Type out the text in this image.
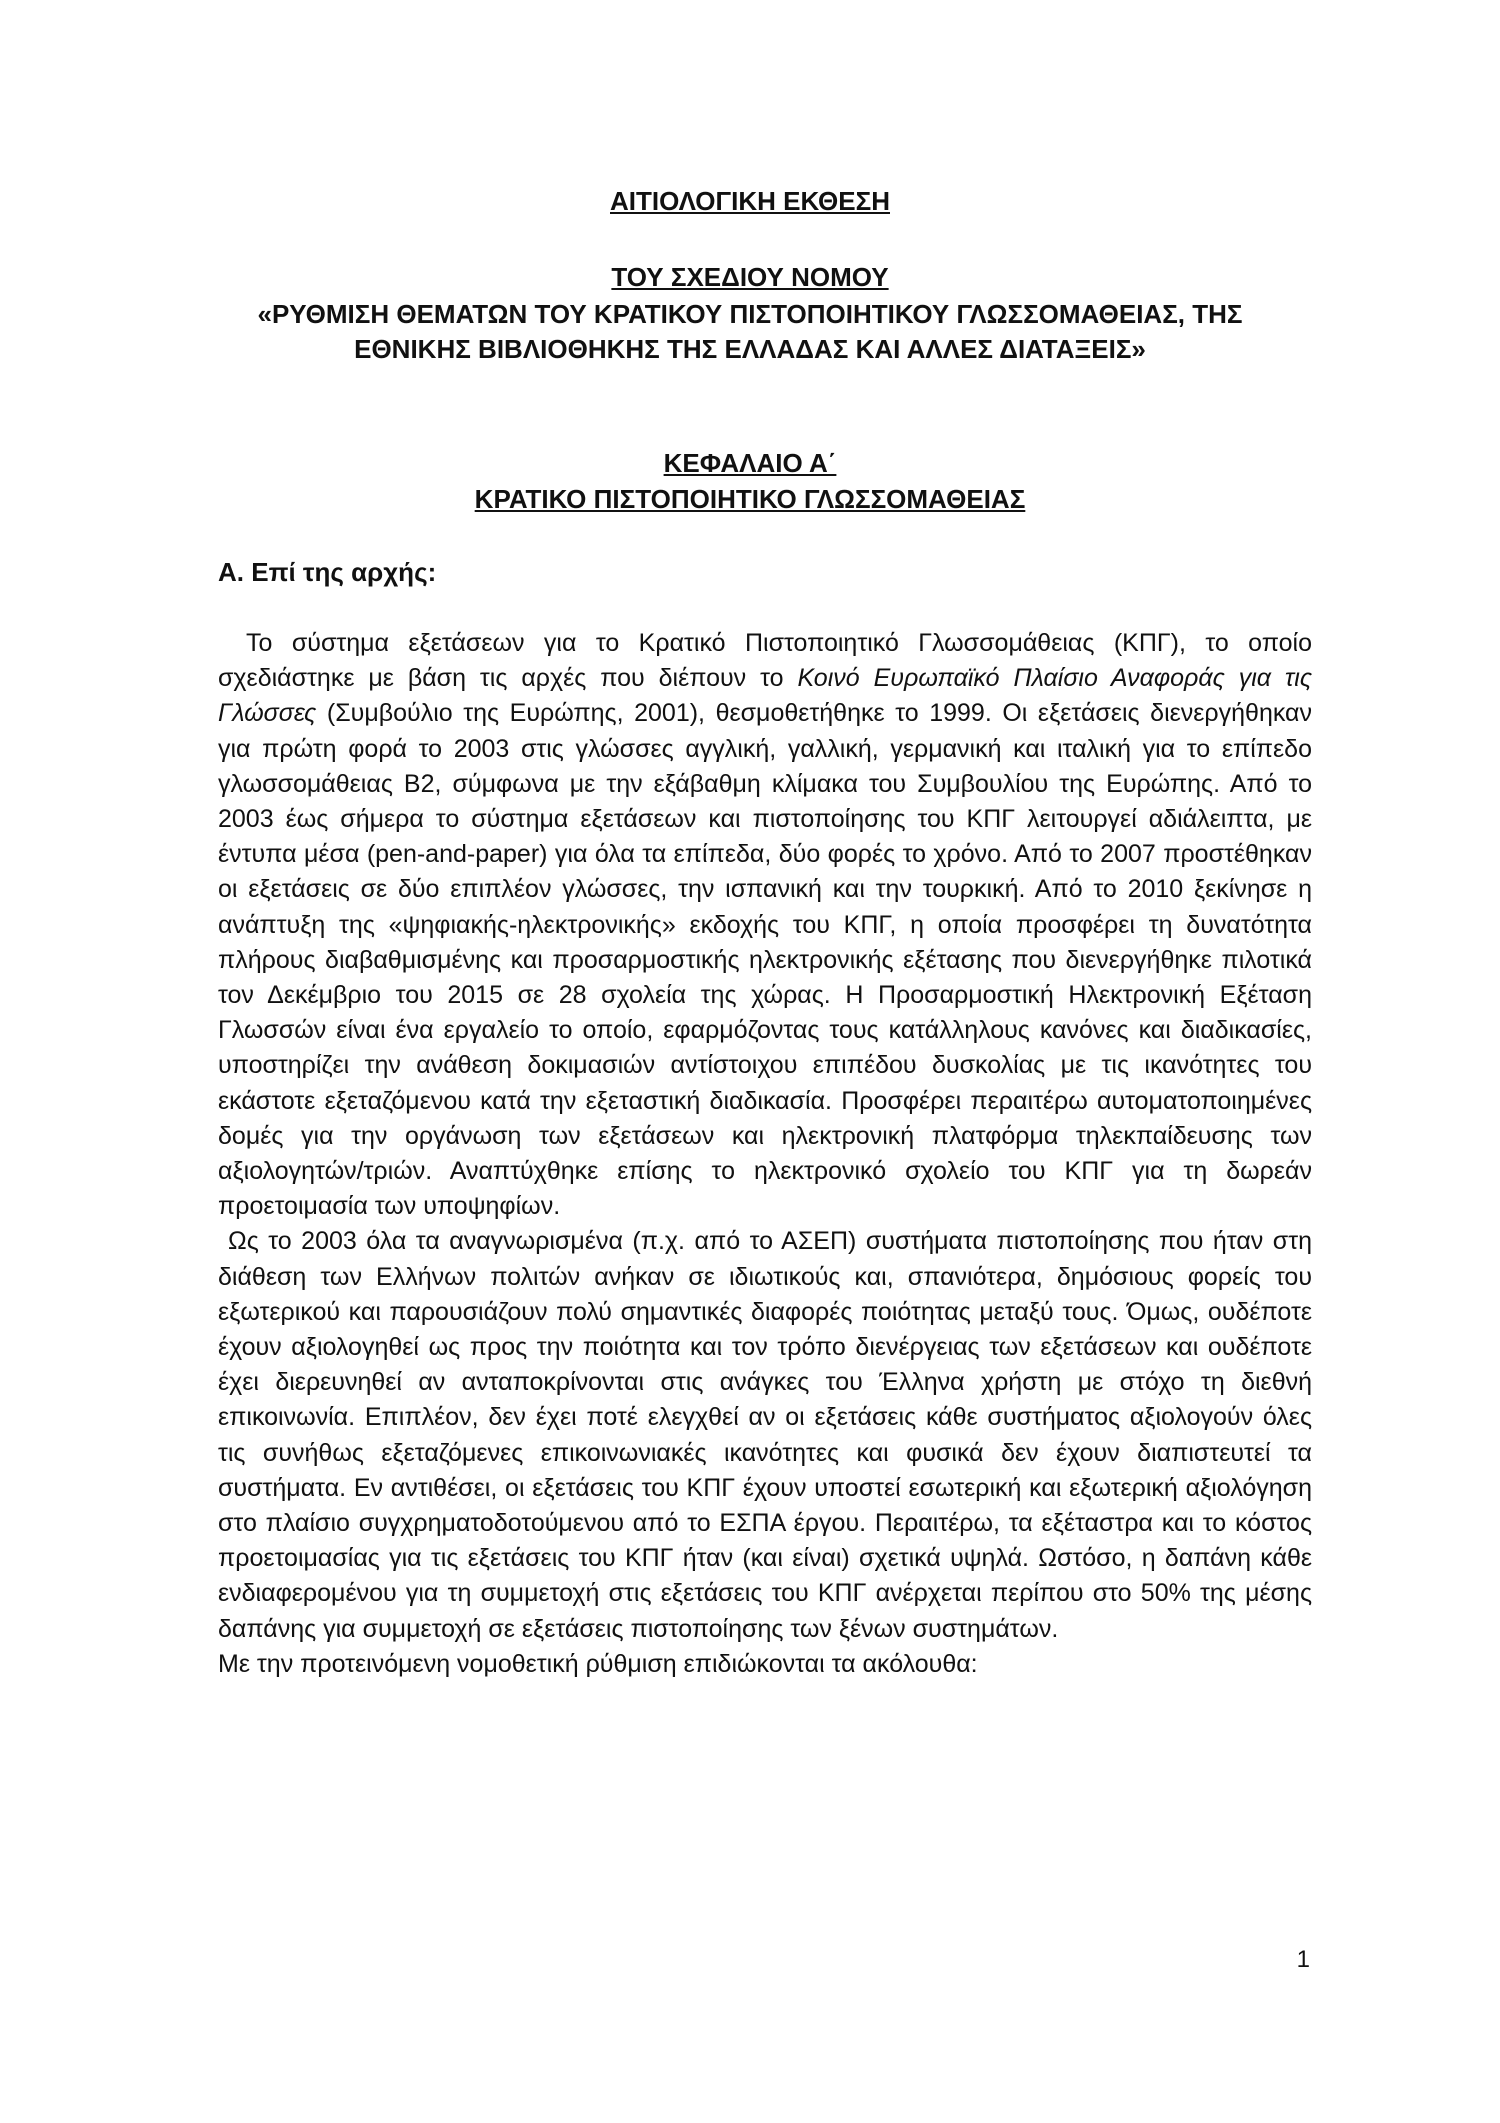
ΑΙΤΙΟΛΟΓΙΚΗ ΕΚΘΕΣΗ
ΤΟΥ ΣΧΕΔΙΟΥ ΝΟΜΟΥ
«ΡΥΘΜΙΣΗ ΘΕΜΑΤΩΝ ΤΟΥ ΚΡΑΤΙΚΟΥ ΠΙΣΤΟΠΟΙΗΤΙΚΟΥ ΓΛΩΣΣΟΜΑΘΕΙΑΣ, ΤΗΣ
ΕΘΝΙΚΗΣ ΒΙΒΛΙΟΘΗΚΗΣ ΤΗΣ ΕΛΛΑΔΑΣ ΚΑΙ ΑΛΛΕΣ ΔΙΑΤΑΞΕΙΣ»
ΚΕΦΑΛΑΙΟ Α΄
ΚΡΑΤΙΚΟ ΠΙΣΤΟΠΟΙΗΤΙΚΟ ΓΛΩΣΣΟΜΑΘΕΙΑΣ
Α. Επί της αρχής:

Το σύστημα εξετάσεων για το Κρατικό Πιστοποιητικό Γλωσσομάθειας (ΚΠΓ), το οποίο σχεδιάστηκε με βάση τις αρχές που διέπουν το Κοινό Ευρωπαϊκό Πλαίσιο Αναφοράς για τις Γλώσσες (Συμβούλιο της Ευρώπης, 2001), θεσμοθετήθηκε το 1999. Οι εξετάσεις διενεργήθηκαν για πρώτη φορά το 2003 στις γλώσσες αγγλική, γαλλική, γερμανική και ιταλική για το επίπεδο γλωσσομάθειας Β2, σύμφωνα με την εξάβαθμη κλίμακα του Συμβουλίου της Ευρώπης. Από το 2003 έως σήμερα το σύστημα εξετάσεων και πιστοποίησης του ΚΠΓ λειτουργεί αδιάλειπτα, με έντυπα μέσα (pen-and-paper) για όλα τα επίπεδα, δύο φορές το χρόνο. Από το 2007 προστέθηκαν οι εξετάσεις σε δύο επιπλέον γλώσσες, την ισπανική και την τουρκική. Από το 2010 ξεκίνησε η ανάπτυξη της «ψηφιακής-ηλεκτρονικής» εκδοχής του ΚΠΓ, η οποία προσφέρει τη δυνατότητα πλήρους διαβαθμισμένης και προσαρμοστικής ηλεκτρονικής εξέτασης που διενεργήθηκε πιλοτικά τον Δεκέμβριο του 2015 σε 28 σχολεία της χώρας. Η Προσαρμοστική Ηλεκτρονική Εξέταση Γλωσσών είναι ένα εργαλείο το οποίο, εφαρμόζοντας τους κατάλληλους κανόνες και διαδικασίες, υποστηρίζει την ανάθεση δοκιμασιών αντίστοιχου επιπέδου δυσκολίας με τις ικανότητες του εκάστοτε εξεταζόμενου κατά την εξεταστική διαδικασία. Προσφέρει περαιτέρω αυτοματοποιημένες δομές για την οργάνωση των εξετάσεων και ηλεκτρονική πλατφόρμα τηλεκπαίδευσης των αξιολογητών/τριών. Αναπτύχθηκε επίσης το ηλεκτρονικό σχολείο του ΚΠΓ για τη δωρεάν προετοιμασία των υποψηφίων.

Ως το 2003 όλα τα αναγνωρισμένα (π.χ. από το ΑΣΕΠ) συστήματα πιστοποίησης που ήταν στη διάθεση των Ελλήνων πολιτών ανήκαν σε ιδιωτικούς και, σπανιότερα, δημόσιους φορείς του εξωτερικού και παρουσιάζουν πολύ σημαντικές διαφορές ποιότητας μεταξύ τους. Όμως, ουδέποτε έχουν αξιολογηθεί ως προς την ποιότητα και τον τρόπο διενέργειας των εξετάσεων και ουδέποτε έχει διερευνηθεί αν ανταποκρίνονται στις ανάγκες του Έλληνα χρήστη με στόχο τη διεθνή επικοινωνία. Επιπλέον, δεν έχει ποτέ ελεγχθεί αν οι εξετάσεις κάθε συστήματος αξιολογούν όλες τις συνήθως εξεταζόμενες επικοινωνιακές ικανότητες και φυσικά δεν έχουν διαπιστευτεί τα συστήματα. Εν αντιθέσει, οι εξετάσεις του ΚΠΓ έχουν υποστεί εσωτερική και εξωτερική αξιολόγηση στο πλαίσιο συγχρηματοδοτούμενου από το ΕΣΠΑ έργου. Περαιτέρω, τα εξέταστρα και το κόστος προετοιμασίας για τις εξετάσεις του ΚΠΓ ήταν (και είναι) σχετικά υψηλά. Ωστόσο, η δαπάνη κάθε ενδιαφερομένου για τη συμμετοχή στις εξετάσεις του ΚΠΓ ανέρχεται περίπου στο 50% της μέσης δαπάνης για συμμετοχή σε εξετάσεις πιστοποίησης των ξένων συστημάτων.

Με την προτεινόμενη νομοθετική ρύθμιση επιδιώκονται τα ακόλουθα:

1
